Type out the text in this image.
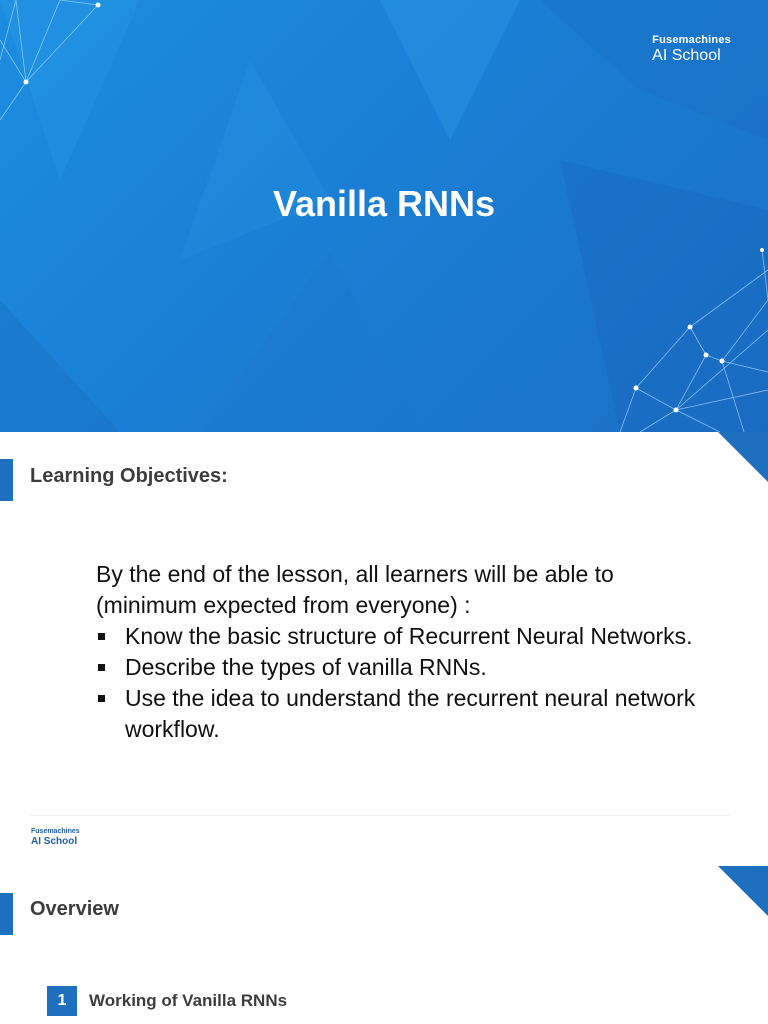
Fusemachines
AI School
Vanilla RNNs
Learning Objectives:
By the end of the lesson, all learners will be able to (minimum expected from everyone) :
Know the basic structure of Recurrent Neural Networks.
Describe the types of vanilla RNNs.
Use the idea to understand the recurrent neural network workflow.
Fusemachines
AI School
Overview
1	Working of Vanilla RNNs
